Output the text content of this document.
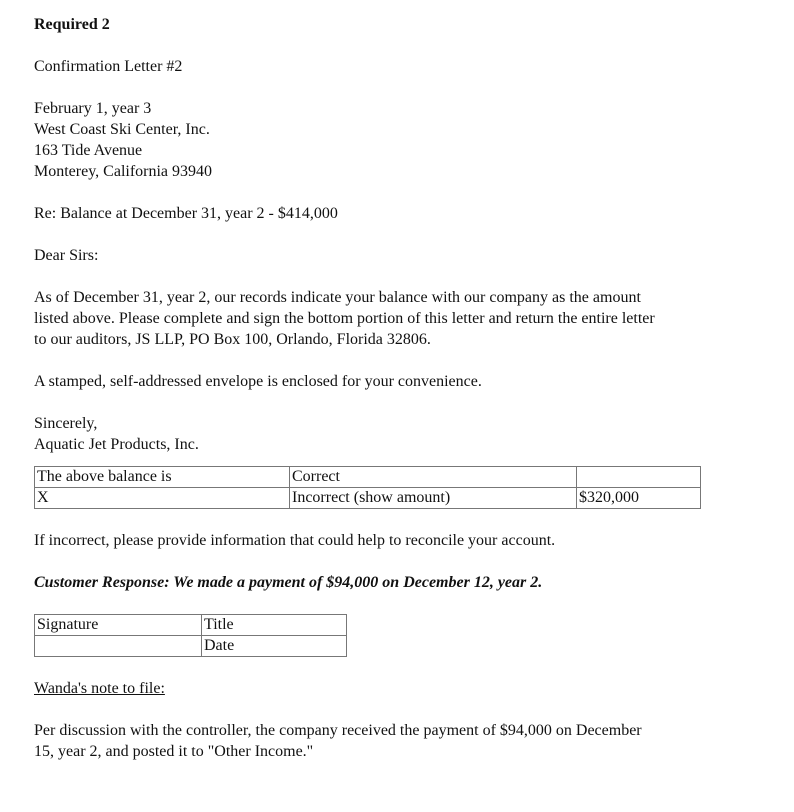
Required 2

Confirmation Letter #2

February 1, year 3

West Coast Ski Center, Inc.

163 Tide Avenue

Monterey, California 93940

Re: Balance at December 31, year 2 - $414,000

Dear Sirs:

As of December 31, year 2, our records indicate your balance with our company as the amount

listed above. Please complete and sign the bottom portion of this letter and return the entire letter

to our auditors, JS LLP, PO Box 100, Orlando, Florida 32806.

A stamped, self-addressed envelope is enclosed for your convenience.

Sincerely,

Aquatic Jet Products, Inc.

The above balance is	Correct	
X	Incorrect (show amount)	$320,000

If incorrect, please provide information that could help to reconcile your account.

Customer Response: We made a payment of $94,000 on December 12, year 2.

Signature	Title
	Date

Wanda's note to file:

Per discussion with the controller, the company received the payment of $94,000 on December

15, year 2, and posted it to "Other Income."
